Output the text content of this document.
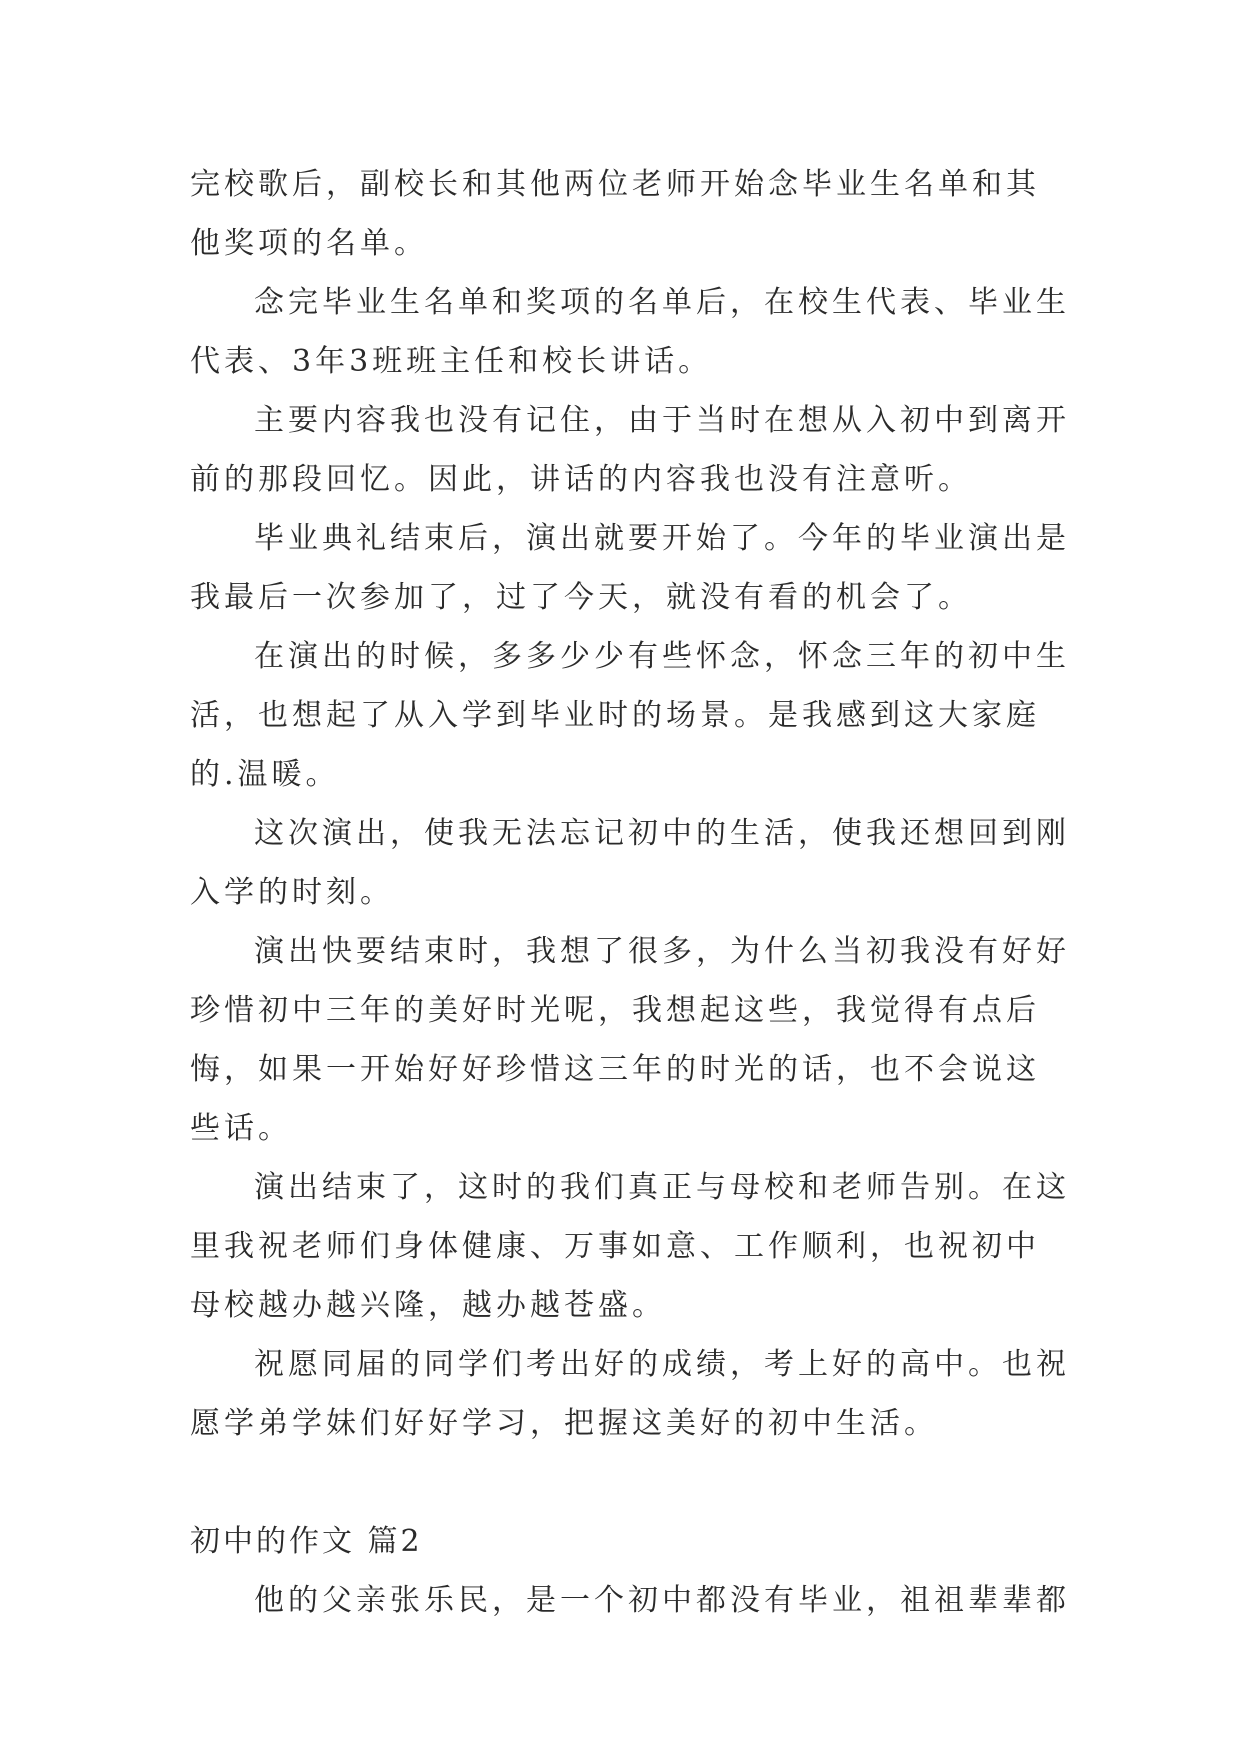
完校歌后，副校长和其他两位老师开始念毕业生名单和其他奖项的名单。

念完毕业生名单和奖项的名单后，在校生代表、毕业生代表、3年3班班主任和校长讲话。

主要内容我也没有记住，由于当时在想从入初中到离开前的那段回忆。因此，讲话的内容我也没有注意听。

毕业典礼结束后，演出就要开始了。今年的毕业演出是我最后一次参加了，过了今天，就没有看的机会了。

在演出的时候，多多少少有些怀念，怀念三年的初中生活，也想起了从入学到毕业时的场景。是我感到这大家庭的.温暖。

这次演出，使我无法忘记初中的生活，使我还想回到刚入学的时刻。

演出快要结束时，我想了很多，为什么当初我没有好好珍惜初中三年的美好时光呢，我想起这些，我觉得有点后悔，如果一开始好好珍惜这三年的时光的话，也不会说这些话。

演出结束了，这时的我们真正与母校和老师告别。在这里我祝老师们身体健康、万事如意、工作顺利，也祝初中母校越办越兴隆，越办越苍盛。

祝愿同届的同学们考出好的成绩，考上好的高中。也祝愿学弟学妹们好好学习，把握这美好的初中生活。

初中的作文 篇2

他的父亲张乐民，是一个初中都没有毕业，祖祖辈辈都
